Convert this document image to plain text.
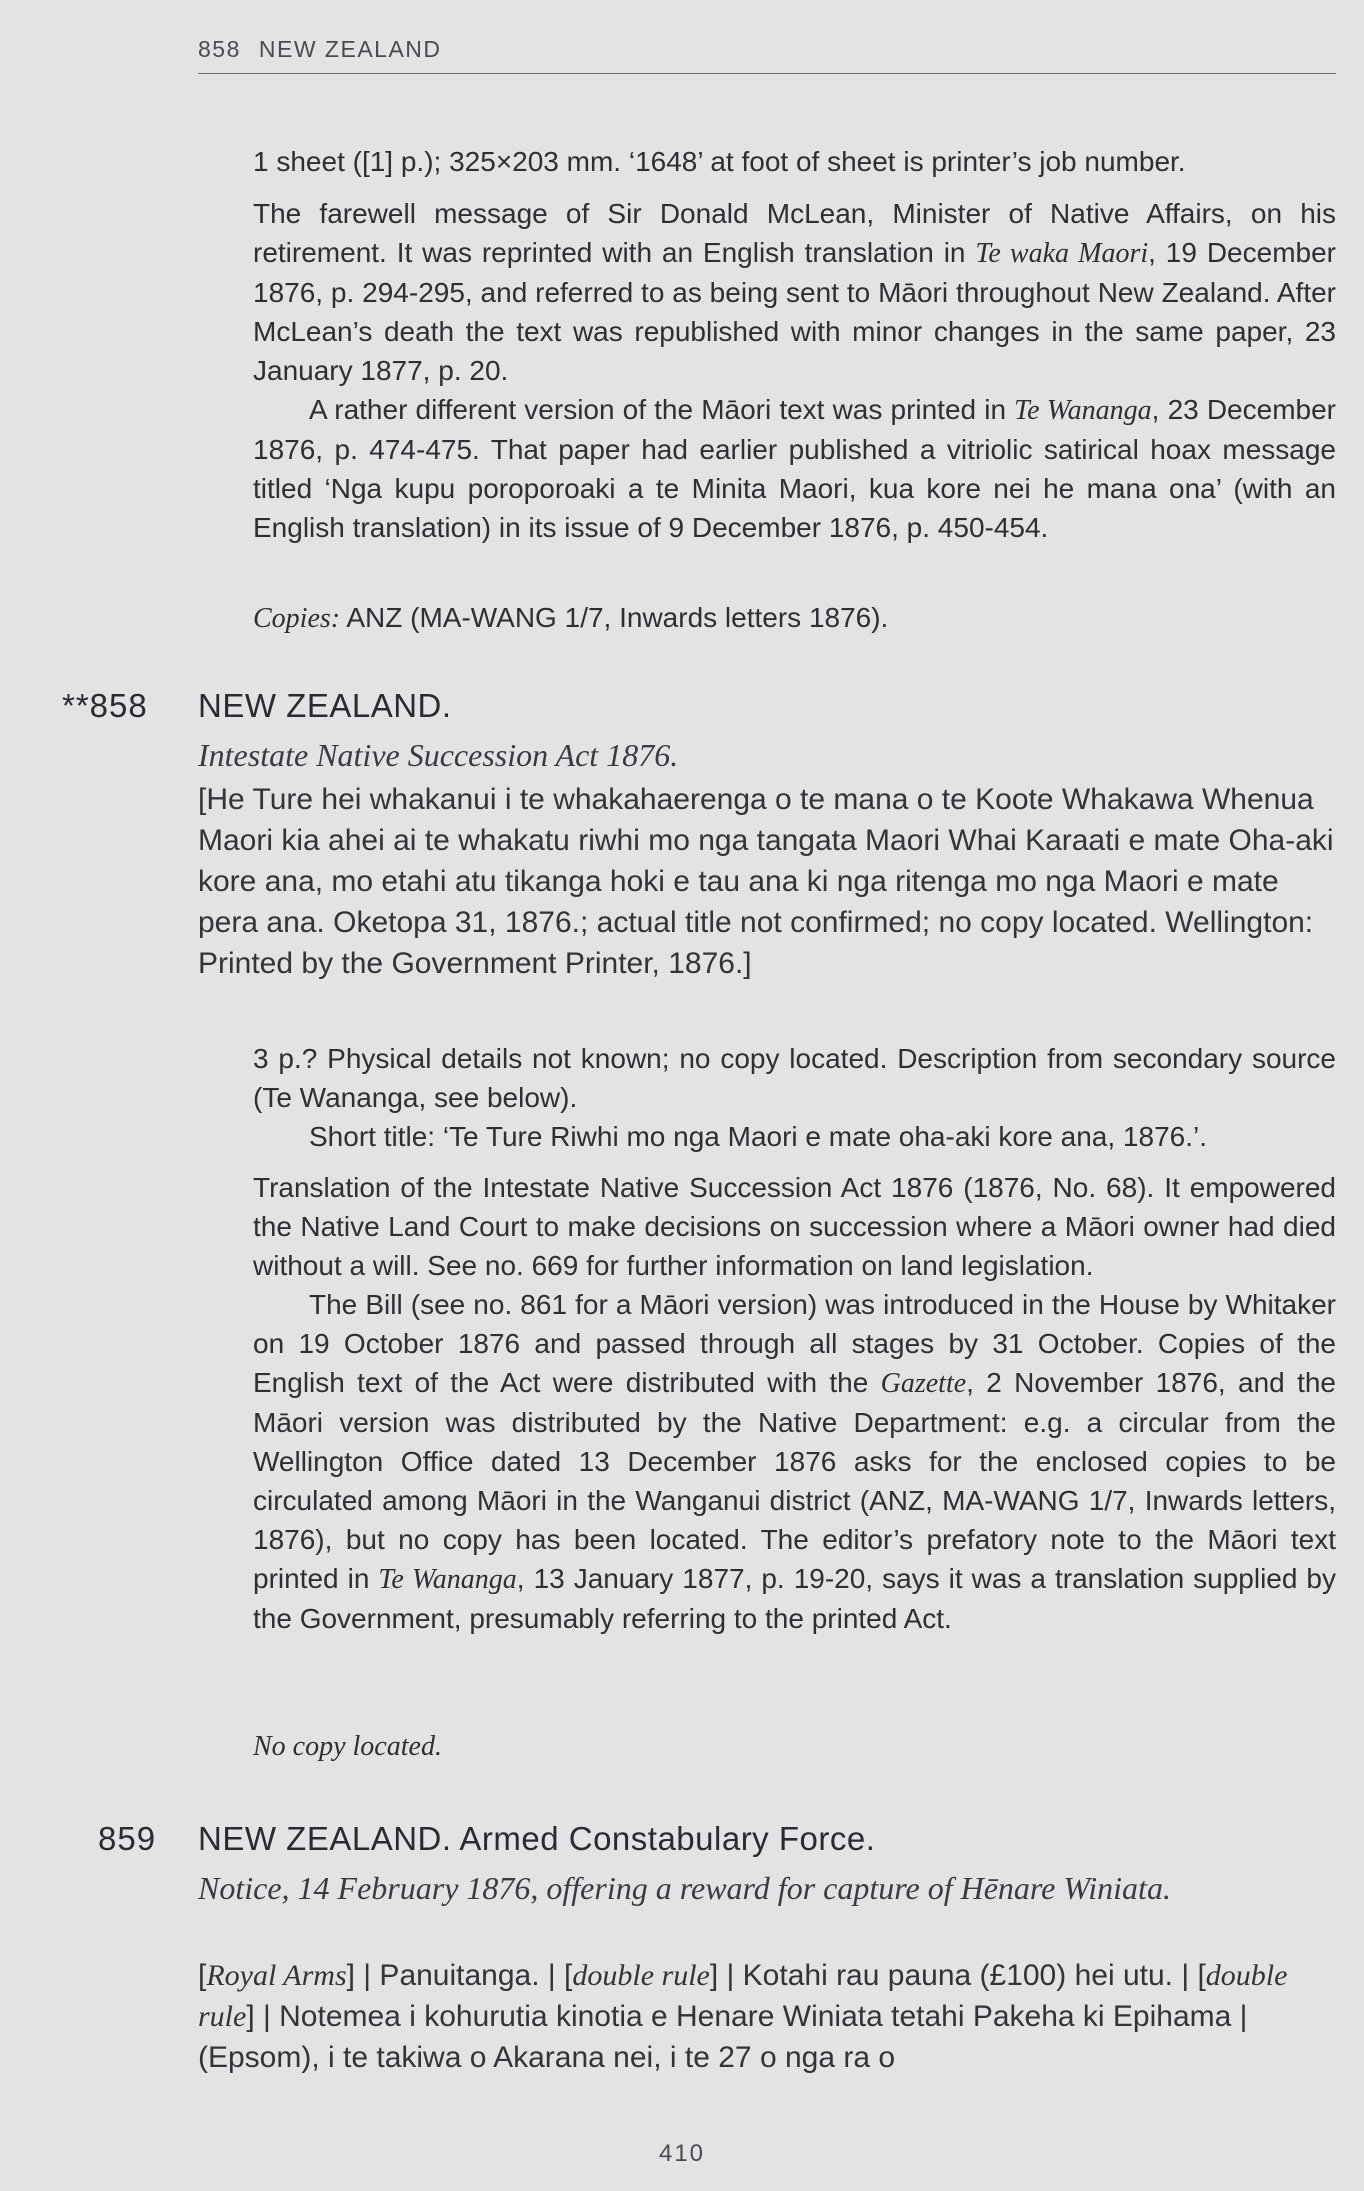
858 NEW ZEALAND

1 sheet ([1] p.); 325×203 mm. ‘1648’ at foot of sheet is printer’s job number.

The farewell message of Sir Donald McLean, Minister of Native Affairs, on his retirement. It was reprinted with an English translation in Te waka Maori, 19 December 1876, p. 294-295, and referred to as being sent to Māori throughout New Zealand. After McLean’s death the text was republished with minor changes in the same paper, 23 January 1877, p. 20.

A rather different version of the Māori text was printed in Te Wananga, 23 December 1876, p. 474-475. That paper had earlier published a vitriolic satirical hoax message titled ‘Nga kupu poroporoaki a te Minita Maori, kua kore nei he mana ona’ (with an English translation) in its issue of 9 December 1876, p. 450-454.

Copies: ANZ (MA-WANG 1/7, Inwards letters 1876).

**858 NEW ZEALAND.
Intestate Native Succession Act 1876.
[He Ture hei whakanui i te whakahaerenga o te mana o te Koote Whakawa Whenua Maori kia ahei ai te whakatu riwhi mo nga tangata Maori Whai Karaati e mate Oha-aki kore ana, mo etahi atu tikanga hoki e tau ana ki nga ritenga mo nga Maori e mate pera ana. Oketopa 31, 1876.; actual title not confirmed; no copy located. Wellington: Printed by the Government Printer, 1876.]

3 p.? Physical details not known; no copy located. Description from secondary source (Te Wananga, see below).

Short title: ‘Te Ture Riwhi mo nga Maori e mate oha-aki kore ana, 1876.’.

Translation of the Intestate Native Succession Act 1876 (1876, No. 68). It empowered the Native Land Court to make decisions on succession where a Māori owner had died without a will. See no. 669 for further information on land legislation.

The Bill (see no. 861 for a Māori version) was introduced in the House by Whitaker on 19 October 1876 and passed through all stages by 31 October. Copies of the English text of the Act were distributed with the Gazette, 2 November 1876, and the Māori version was distributed by the Native Department: e.g. a circular from the Wellington Office dated 13 December 1876 asks for the enclosed copies to be circulated among Māori in the Wanganui district (ANZ, MA-WANG 1/7, Inwards letters, 1876), but no copy has been located. The editor’s prefatory note to the Māori text printed in Te Wananga, 13 January 1877, p. 19-20, says it was a translation supplied by the Government, presumably referring to the printed Act.

No copy located.
859 NEW ZEALAND. Armed Constabulary Force.
Notice, 14 February 1876, offering a reward for capture of Hēnare Winiata.
[Royal Arms] | Panuitanga. | [double rule] | Kotahi rau pauna (£100) hei utu. | [double rule] | Notemea i kohurutia kinotia e Henare Winiata tetahi Pakeha ki Epihama | (Epsom), i te takiwa o Akarana nei, i te 27 o nga ra o
410
